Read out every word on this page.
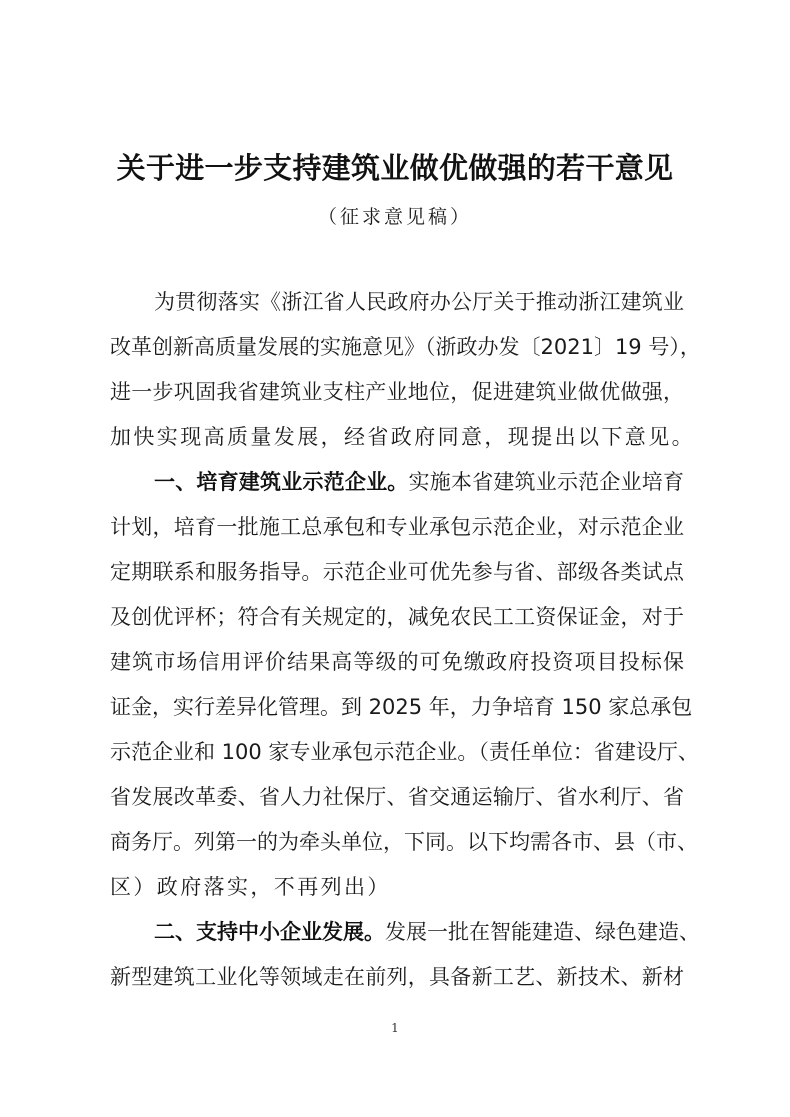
关于进一步支持建筑业做优做强的若干意见
（征求意见稿）
为贯彻落实《浙江省人民政府办公厅关于推动浙江建筑业
改革创新高质量发展的实施意见》（浙政办发〔2021〕19 号），
进一步巩固我省建筑业支柱产业地位，促进建筑业做优做强，
加快实现高质量发展，经省政府同意，现提出以下意见。
一、培育建筑业示范企业。实施本省建筑业示范企业培育
计划，培育一批施工总承包和专业承包示范企业，对示范企业
定期联系和服务指导。示范企业可优先参与省、部级各类试点
及创优评杯；符合有关规定的，减免农民工工资保证金，对于
建筑市场信用评价结果高等级的可免缴政府投资项目投标保
证金，实行差异化管理。到 2025 年，力争培育 150 家总承包
示范企业和 100 家专业承包示范企业。（责任单位：省建设厅、
省发展改革委、省人力社保厅、省交通运输厅、省水利厅、省
商务厅。列第一的为牵头单位，下同。以下均需各市、县（市、
区）政府落实，不再列出）
二、支持中小企业发展。发展一批在智能建造、绿色建造、
新型建筑工业化等领域走在前列，具备新工艺、新技术、新材
1
